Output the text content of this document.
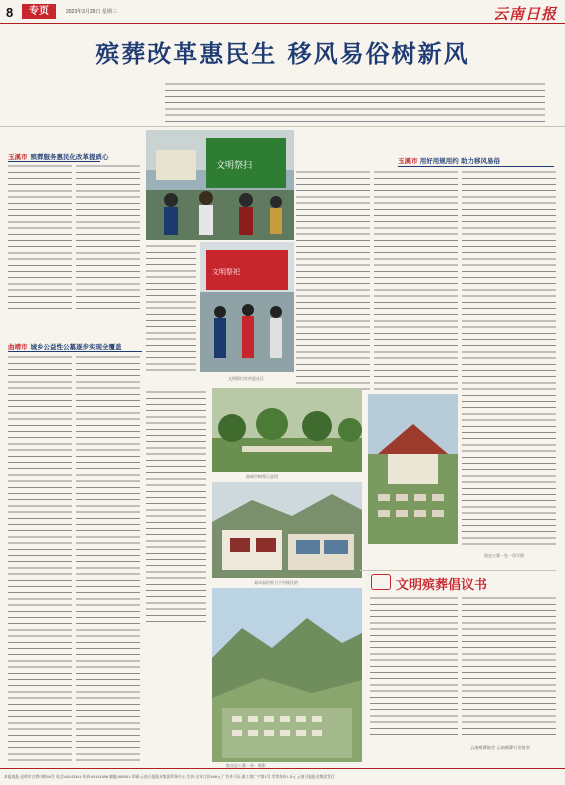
8	专页	2023年3月29日 星期三	云南日报
殡葬改革惠民生 移风易俗树新风
玉溪市 殡葬服务惠民化改革提质心
文明祭扫
文明祭祀
文明祭扫宣传进社区
玉溪市 用好用规用约 助力移风易俗
曲靖市 城乡公益性公墓逐步实现全覆盖
曲靖市树葬示意图
易风易俗致力于村规民约
陆良县公墓一角 · 摄影
现在公墓一处一角写照
文明殡葬倡议书
云南殡葬协会 云南殡葬行业协会
本报地址:昆明市白塔中路16号 电话:64143341 传真:64141898 邮编:650051 印刷:云南日报报业集团印务中心 定价:全年订价468元 广告许可证:滇工商广字第1号 零售每份1.5元 云南日报报业集团发行
